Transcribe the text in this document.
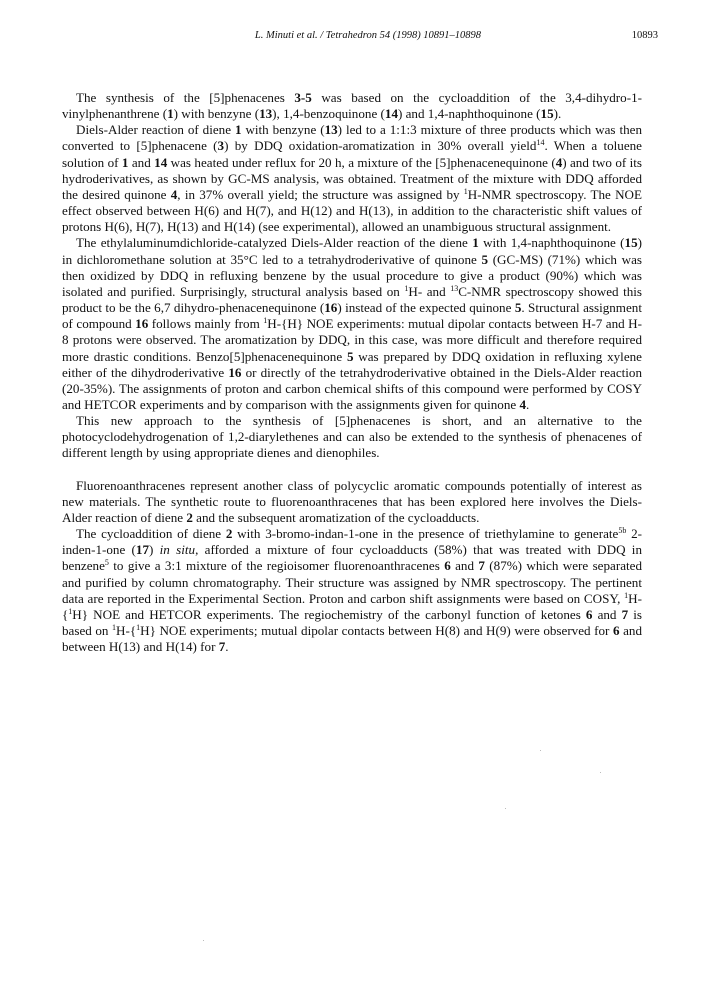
L. Minuti et al. / Tetrahedron 54 (1998) 10891–10898	10893

The synthesis of the [5]phenacenes 3-5 was based on the cycloaddition of the 3,4-dihydro-1-vinylphenanthrene (1) with benzyne (13), 1,4-benzoquinone (14) and 1,4-naphthoquinone (15).

Diels-Alder reaction of diene 1 with benzyne (13) led to a 1:1:3 mixture of three products which was then converted to [5]phenacene (3) by DDQ oxidation-aromatization in 30% overall yield$^{14}$. When a toluene solution of 1 and 14 was heated under reflux for 20 h, a mixture of the [5]phenacenequinone (4) and two of its hydroderivatives, as shown by GC-MS analysis, was obtained. Treatment of the mixture with DDQ afforded the desired quinone 4, in 37% overall yield; the structure was assigned by $^1$H-NMR spectroscopy. The NOE effect observed between H(6) and H(7), and H(12) and H(13), in addition to the characteristic shift values of protons H(6), H(7), H(13) and H(14) (see experimental), allowed an unambiguous structural assignment.

The ethylaluminumdichloride-catalyzed Diels-Alder reaction of the diene 1 with 1,4-naphthoquinone (15) in dichloromethane solution at 35°C led to a tetrahydroderivative of quinone 5 (GC-MS) (71%) which was then oxidized by DDQ in refluxing benzene by the usual procedure to give a product (90%) which was isolated and purified. Surprisingly, structural analysis based on $^1$H- and $^{13}$C-NMR spectroscopy showed this product to be the 6,7 dihydro-phenacenequinone (16) instead of the expected quinone 5. Structural assignment of compound 16 follows mainly from $^1$H-{H} NOE experiments: mutual dipolar contacts between H-7 and H-8 protons were observed. The aromatization by DDQ, in this case, was more difficult and therefore required more drastic conditions. Benzo[5]phenacenequinone 5 was prepared by DDQ oxidation in refluxing xylene either of the dihydroderivative 16 or directly of the tetrahydroderivative obtained in the Diels-Alder reaction (20-35%). The assignments of proton and carbon chemical shifts of this compound were performed by COSY and HETCOR experiments and by comparison with the assignments given for quinone 4.

This new approach to the synthesis of [5]phenacenes is short, and an alternative to the photocyclodehydrogenation of 1,2-diarylethenes and can also be extended to the synthesis of phenacenes of different length by using appropriate dienes and dienophiles.

Fluorenoanthracenes represent another class of polycyclic aromatic compounds potentially of interest as new materials. The synthetic route to fluorenoanthracenes that has been explored here involves the Diels-Alder reaction of diene 2 and the subsequent aromatization of the cycloadducts.

The cycloaddition of diene 2 with 3-bromo-indan-1-one in the presence of triethylamine to generate$^{5b}$ 2-inden-1-one (17) in situ, afforded a mixture of four cycloadducts (58%) that was treated with DDQ in benzene$^5$ to give a 3:1 mixture of the regioisomer fluorenoanthracenes 6 and 7 (87%) which were separated and purified by column chromatography. Their structure was assigned by NMR spectroscopy. The pertinent data are reported in the Experimental Section. Proton and carbon shift assignments were based on COSY, $^1$H-{$^1$H} NOE and HETCOR experiments. The regiochemistry of the carbonyl function of ketones 6 and 7 is based on $^1$H-{$^1$H} NOE experiments; mutual dipolar contacts between H(8) and H(9) were observed for 6 and between H(13) and H(14) for 7.
